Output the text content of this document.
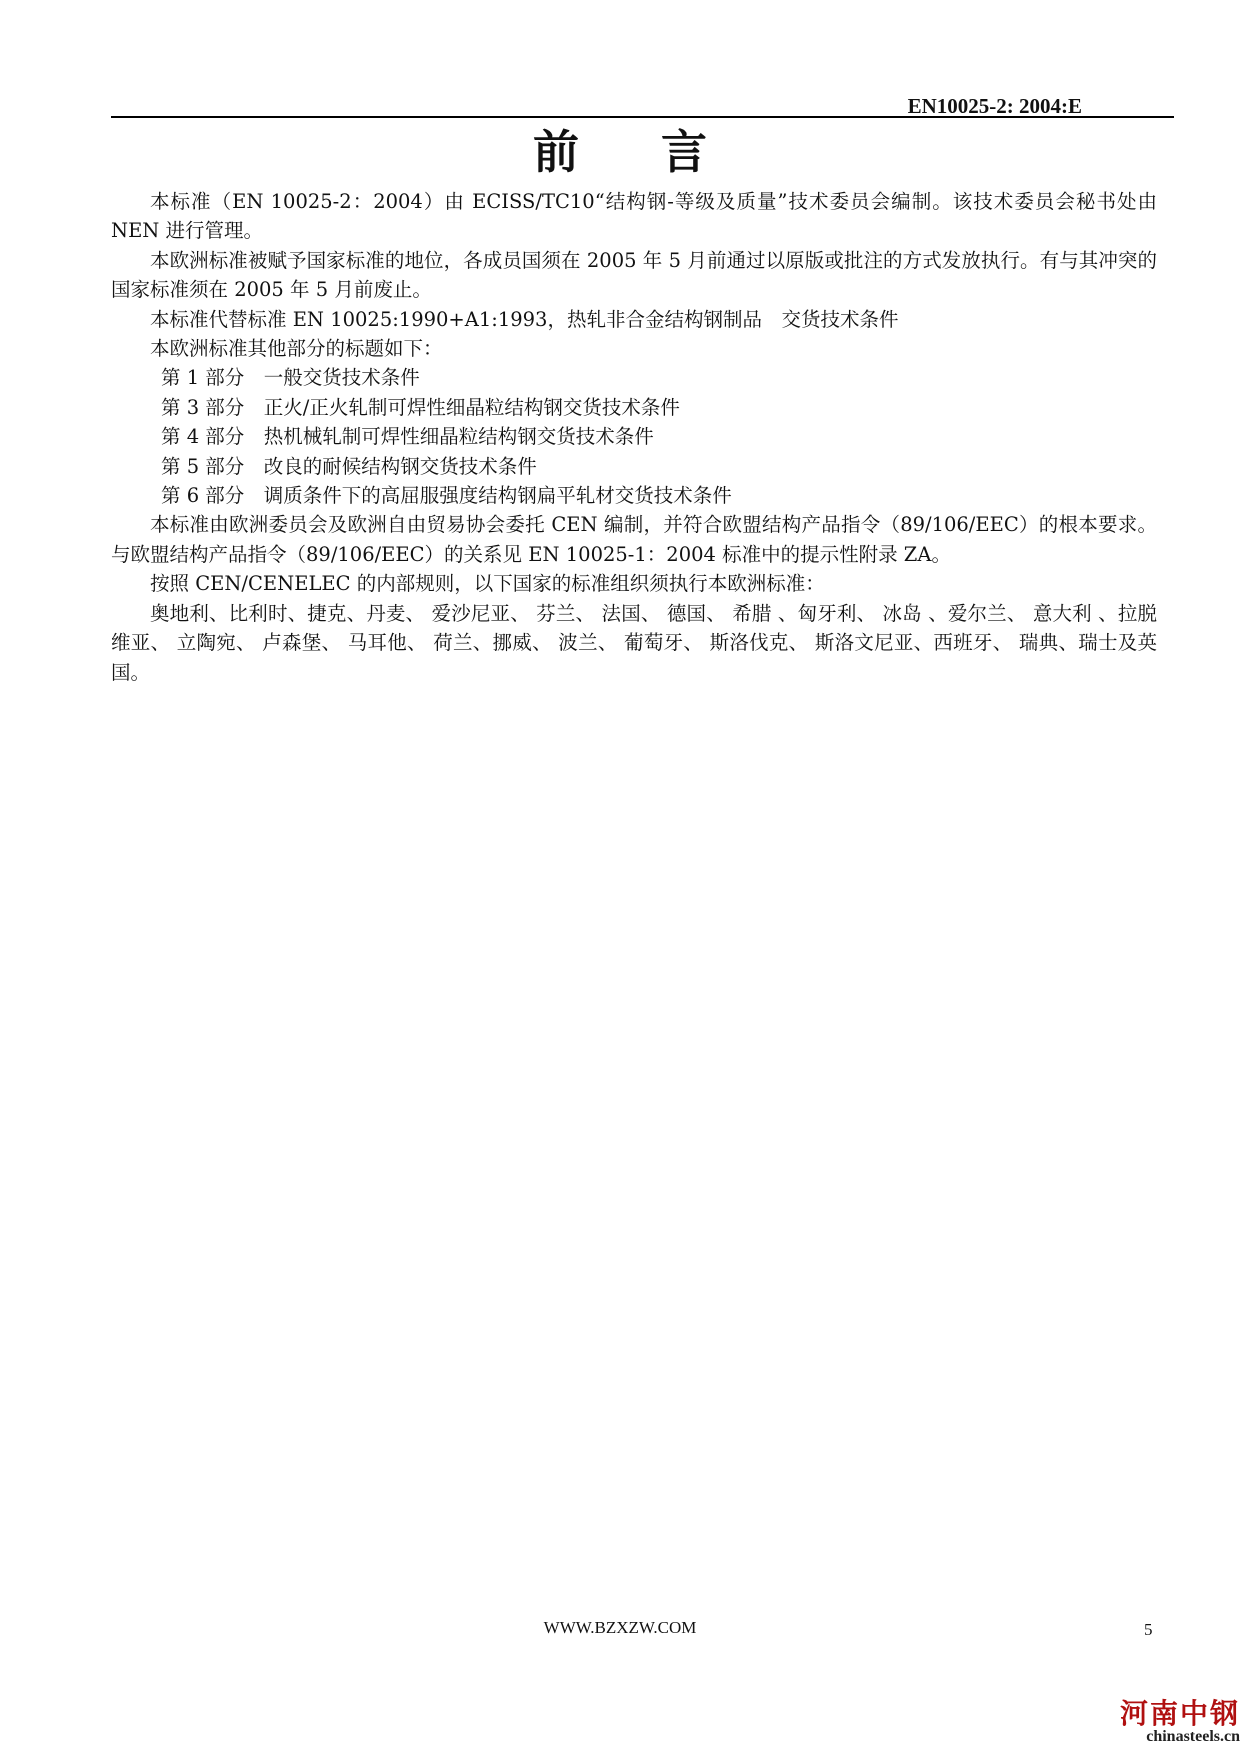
EN10025-2: 2004:E
前言

本标准（EN 10025-2：2004）由 ECISS/TC10“结构钢-等级及质量”技术委员会编制。该技术委员会秘书处由 NEN 进行管理。

本欧洲标准被赋予国家标准的地位，各成员国须在 2005 年 5 月前通过以原版或批注的方式发放执行。有与其冲突的国家标准须在 2005 年 5 月前废止。

本标准代替标准 EN 10025:1990+A1:1993，热轧非合金结构钢制品　交货技术条件

本欧洲标准其他部分的标题如下：

第 1 部分　一般交货技术条件

第 3 部分　正火/正火轧制可焊性细晶粒结构钢交货技术条件

第 4 部分　热机械轧制可焊性细晶粒结构钢交货技术条件

第 5 部分　改良的耐候结构钢交货技术条件

第 6 部分　调质条件下的高屈服强度结构钢扁平轧材交货技术条件

本标准由欧洲委员会及欧洲自由贸易协会委托 CEN 编制，并符合欧盟结构产品指令（89/106/EEC）的根本要求。与欧盟结构产品指令（89/106/EEC）的关系见 EN 10025-1：2004 标准中的提示性附录 ZA。

按照 CEN/CENELEC 的内部规则，以下国家的标准组织须执行本欧洲标准：

奥地利、比利时、捷克、丹麦、 爱沙尼亚、 芬兰、 法国、 德国、 希腊 、匈牙利、 冰岛 、爱尔兰、 意大利 、拉脱维亚、 立陶宛、 卢森堡、 马耳他、 荷兰、挪威、 波兰、 葡萄牙、 斯洛伐克、 斯洛文尼亚、西班牙、 瑞典、瑞士及英国。

WWW.BZXZW.COM	5
河南中钢
chinasteels.cn
